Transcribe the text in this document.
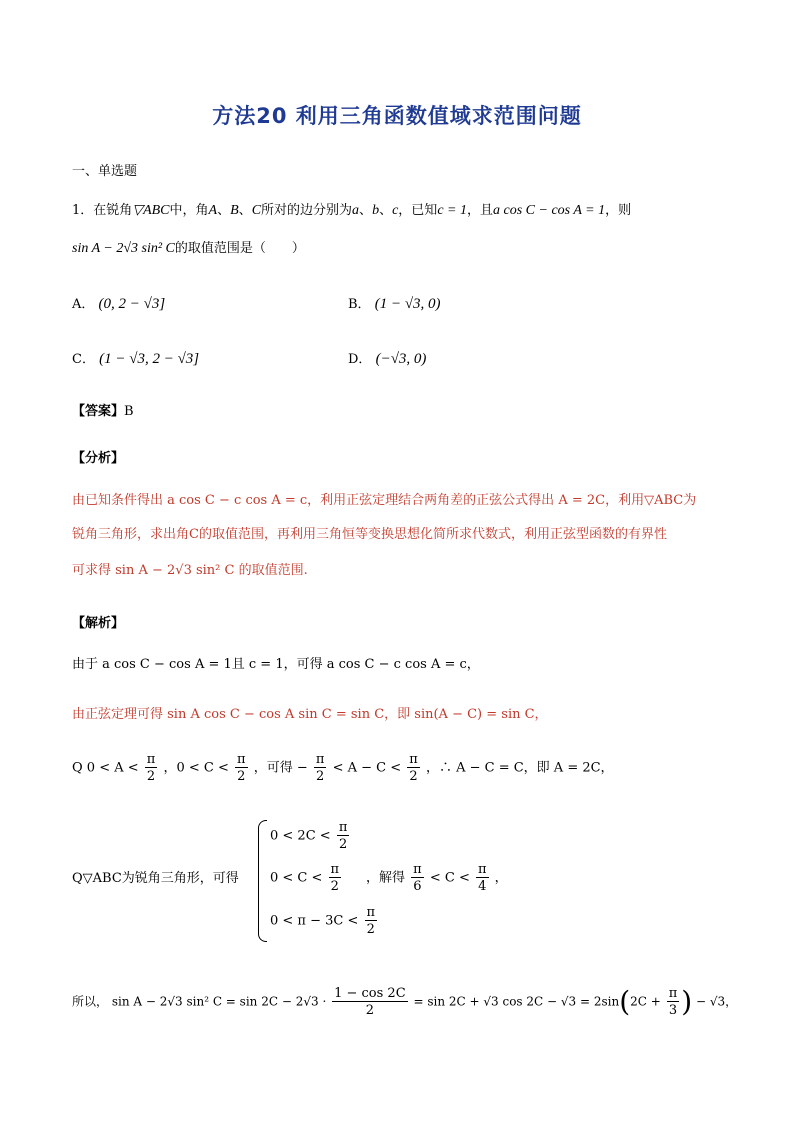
方法20 利用三角函数值域求范围问题
一、单选题
1．在锐角▽ABC中，角A、B、C所对的边分别为a、b、c，已知c = 1，且a cos C − cos A = 1，则
sin A − 2√3 sin² C的取值范围是（　　）
A． (0, 2 − √3]	B． (1 − √3, 0)
C． (1 − √3, 2 − √3]	D． (−√3, 0)
【答案】B
【分析】
由已知条件得出 a cos C − c cos A = c，利用正弦定理结合两角差的正弦公式得出 A = 2C，利用▽ABC为
锐角三角形，求出角C的取值范围，再利用三角恒等变换思想化简所求代数式，利用正弦型函数的有界性
可求得 sin A − 2√3 sin² C 的取值范围.
【解析】
由于 a cos C − cos A = 1且 c = 1，可得 a cos C − c cos A = c，
由正弦定理可得 sin A cos C − cos A sin C = sin C，即 sin(A − C) = sin C，
Q $0 < A < \frac{\pi}{2}$ ，$0 < C < \frac{\pi}{2}$ ，可得 − $\frac{\pi}{2} < A - C < \frac{\pi}{2}$ ，∴ A − C = C，即 A = 2C，
Q▽ABC为锐角三角形，可得
$0 < 2C < \frac{\pi}{2}$
$0 < C < \frac{\pi}{2}$
$0 < \pi - 3C < \frac{\pi}{2}$
，解得 $\frac{\pi}{6} < C < \frac{\pi}{4}$ ，
所以， sin A − 2√3 sin² $C = \sin 2C - 2√3 \cdot \frac{1 - \cos 2C}{2} = \sin 2C + √3$ $\cos 2C - √3 = 2\sin(2C + \frac{\pi}{3}$ ) − √3，
